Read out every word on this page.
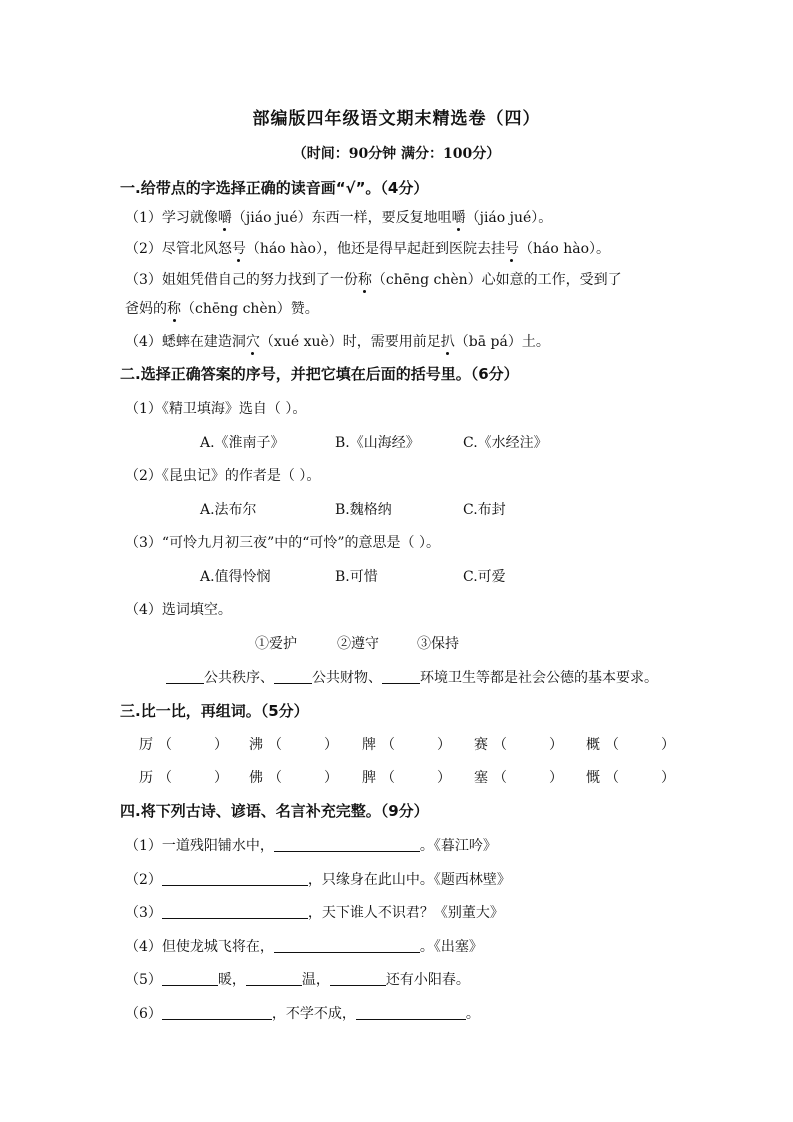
部编版四年级语文期末精选卷（四）
（时间：90分钟 满分：100分）
一.给带点的字选择正确的读音画“√”。（4分）
（1）学习就像嚼（jiáo jué）东西一样，要反复地咀嚼（jiáo jué）。
（2）尽管北风怒号（háo hào），他还是得早起赶到医院去挂号（háo hào）。
（3）姐姐凭借自己的努力找到了一份称（chēng chèn）心如意的工作，受到了
爸妈的称（chēng chèn）赞。
（4）蟋蟀在建造洞穴（xué xuè）时，需要用前足扒（bā pá）土。
二.选择正确答案的序号，并把它填在后面的括号里。（6分）
（1）《精卫填海》选自（ ）。
A.《淮南子》	B.《山海经》	C.《水经注》
（2）《昆虫记》的作者是（ ）。
A.法布尔	B.魏格纳	C.布封
（3）“可怜九月初三夜”中的“可怜”的意思是（ ）。
A.值得怜悯	B.可惜	C.可爱
（4）选词填空。
①爱护	②遵守	③保持
公共秩序、	公共财物、	环境卫生等都是社会公德的基本要求。
三.比一比，再组词。（5分）
厉 （   ） 沸 （   ） 牌 （   ） 赛 （   ） 概 （   ）
历 （   ） 佛 （   ） 脾 （   ） 塞 （   ） 慨 （   ）
四.将下列古诗、谚语、名言补充完整。（9分）
（1）一道残阳铺水中，	。《暮江吟》
（2）	，只缘身在此山中。《题西林壁》
（3）	，天下谁人不识君？《别董大》
（4）但使龙城飞将在，	。《出塞》
（5）	暖，	温，	还有小阳春。
（6）	，不学不成，	。
